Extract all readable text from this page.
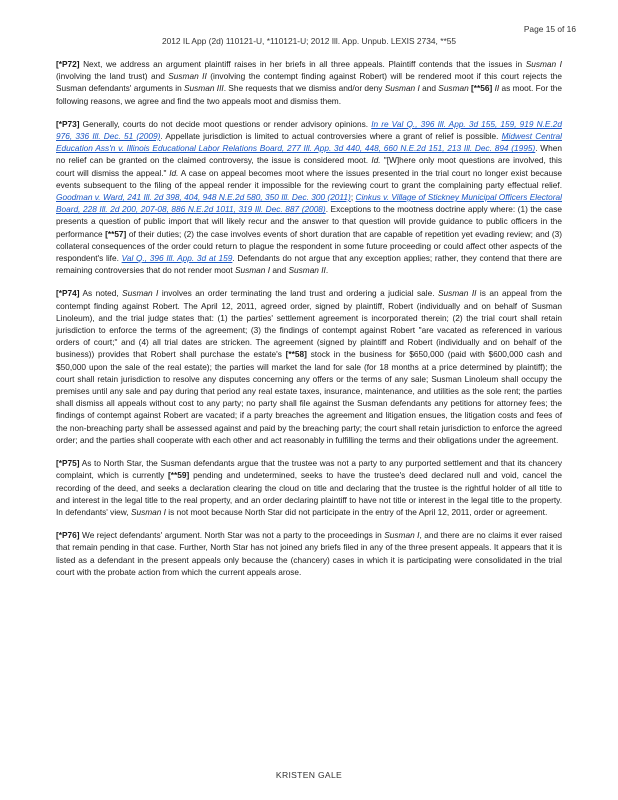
Page 15 of 16
2012 IL App (2d) 110121-U, *110121-U; 2012 Ill. App. Unpub. LEXIS 2734, **55

[*P72] Next, we address an argument plaintiff raises in her briefs in all three appeals. Plaintiff contends that the issues in Susman I (involving the land trust) and Susman II (involving the contempt finding against Robert) will be rendered moot if this court rejects the Susman defendants' arguments in Susman III. She requests that we dismiss and/or deny Susman I and Susman [**56] II as moot. For the following reasons, we agree and find the two appeals moot and dismiss them.

[*P73] Generally, courts do not decide moot questions or render advisory opinions. In re Val Q., 396 Ill. App. 3d 155, 159, 919 N.E.2d 976, 336 Ill. Dec. 51 (2009). Appellate jurisdiction is limited to actual controversies where a grant of relief is possible. Midwest Central Education Ass'n v. Illinois Educational Labor Relations Board, 277 Ill. App. 3d 440, 448, 660 N.E.2d 151, 213 Ill. Dec. 894 (1995). When no relief can be granted on the claimed controversy, the issue is considered moot. Id. "[W]here only moot questions are involved, this court will dismiss the appeal." Id. A case on appeal becomes moot where the issues presented in the trial court no longer exist because events subsequent to the filing of the appeal render it impossible for the reviewing court to grant the complaining party effectual relief. Goodman v. Ward, 241 Ill. 2d 398, 404, 948 N.E.2d 580, 350 Ill. Dec. 300 (2011); Cinkus v. Village of Stickney Municipal Officers Electoral Board, 228 Ill. 2d 200, 207-08, 886 N.E.2d 1011, 319 Ill. Dec. 887 (2008). Exceptions to the mootness doctrine apply where: (1) the case presents a question of public import that will likely recur and the answer to that question will provide guidance to public officers in the performance [**57] of their duties; (2) the case involves events of short duration that are capable of repetition yet evading review; and (3) collateral consequences of the order could return to plague the respondent in some future proceeding or could affect other aspects of the respondent's life. Val Q., 396 Ill. App. 3d at 159. Defendants do not argue that any exception applies; rather, they contend that there are remaining controversies that do not render moot Susman I and Susman II.

[*P74] As noted, Susman I involves an order terminating the land trust and ordering a judicial sale. Susman II is an appeal from the contempt finding against Robert. The April 12, 2011, agreed order, signed by plaintiff, Robert (individually and on behalf of Susman Linoleum), and the trial judge states that: (1) the parties' settlement agreement is incorporated therein; (2) the trial court shall retain jurisdiction to enforce the terms of the agreement; (3) the findings of contempt against Robert "are vacated as referenced in various orders of court;" and (4) all trial dates are stricken. The agreement (signed by plaintiff and Robert (individually and on behalf of the business)) provides that Robert shall purchase the estate's [**58] stock in the business for $650,000 (paid with $600,000 cash and $50,000 upon the sale of the real estate); the parties will market the land for sale (for 18 months at a price determined by plaintiff); the court shall retain jurisdiction to resolve any disputes concerning any offers or the terms of any sale; Susman Linoleum shall occupy the premises until any sale and pay during that period any real estate taxes, insurance, maintenance, and utilities as the sole rent; the parties shall dismiss all appeals without cost to any party; no party shall file against the Susman defendants any petitions for attorney fees; the findings of contempt against Robert are vacated; if a party breaches the agreement and litigation ensues, the litigation costs and fees of the non-breaching party shall be assessed against and paid by the breaching party; the court shall retain jurisdiction to enforce the agreed order; and the parties shall cooperate with each other and act reasonably in fulfilling the terms and their obligations under the agreement.

[*P75] As to North Star, the Susman defendants argue that the trustee was not a party to any purported settlement and that its chancery complaint, which is currently [**59] pending and undetermined, seeks to have the trustee's deed declared null and void, cancel the recording of the deed, and seeks a declaration clearing the cloud on title and declaring that the trustee is the rightful holder of all title to and interest in the legal title to the real property, and an order declaring plaintiff to have not title or interest in the legal title to the property. In defendants' view, Susman I is not moot because North Star did not participate in the entry of the April 12, 2011, order or agreement.

[*P76] We reject defendants' argument. North Star was not a party to the proceedings in Susman I, and there are no claims it ever raised that remain pending in that case. Further, North Star has not joined any briefs filed in any of the three present appeals. It appears that it is listed as a defendant in the present appeals only because the (chancery) cases in which it is participating were consolidated in the trial court with the probate action from which the current appeals arose.

KRISTEN GALE
